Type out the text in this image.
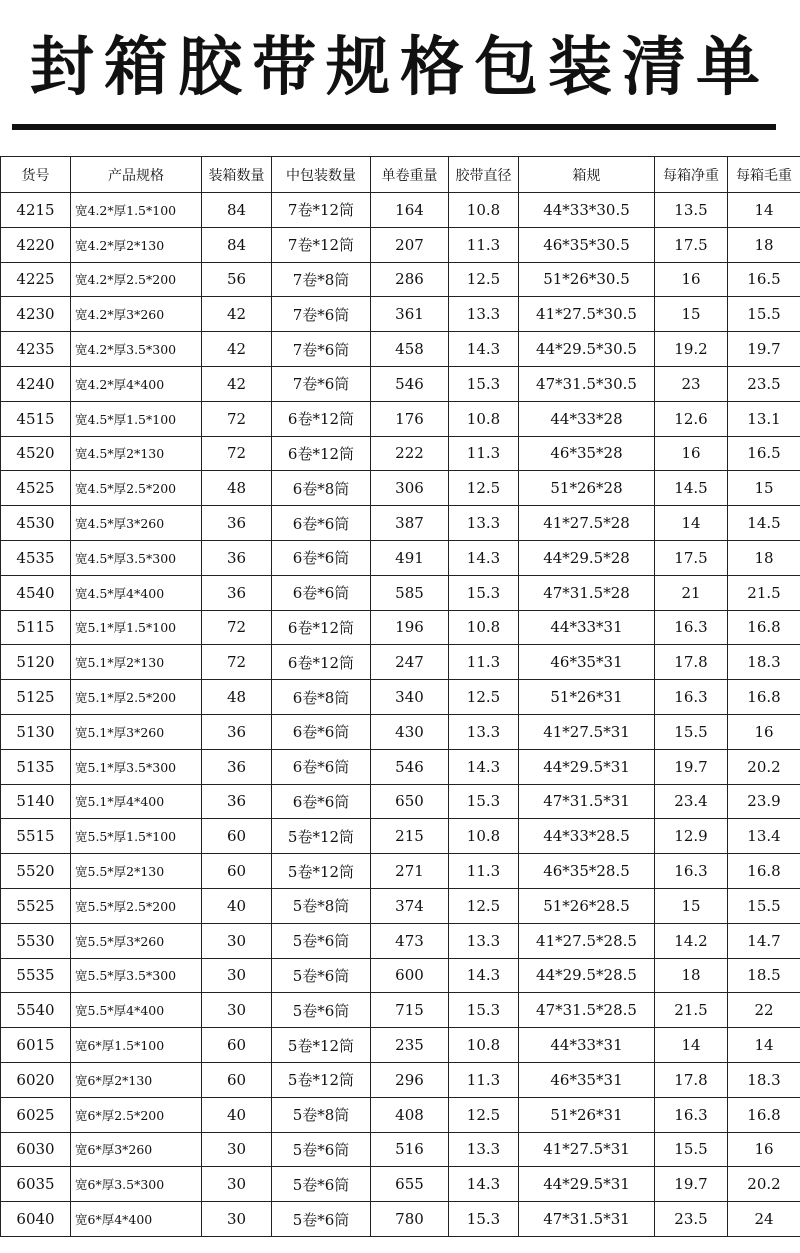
封箱胶带规格包装清单
货号	产品规格	装箱数量	中包装数量	单卷重量	胶带直径	箱规	每箱净重	每箱毛重
4215	宽4.2*厚1.5*100	84	7卷*12筒	164	10.8	44*33*30.5	13.5	14
4220	宽4.2*厚2*130	84	7卷*12筒	207	11.3	46*35*30.5	17.5	18
4225	宽4.2*厚2.5*200	56	7卷*8筒	286	12.5	51*26*30.5	16	16.5
4230	宽4.2*厚3*260	42	7卷*6筒	361	13.3	41*27.5*30.5	15	15.5
4235	宽4.2*厚3.5*300	42	7卷*6筒	458	14.3	44*29.5*30.5	19.2	19.7
4240	宽4.2*厚4*400	42	7卷*6筒	546	15.3	47*31.5*30.5	23	23.5
4515	宽4.5*厚1.5*100	72	6卷*12筒	176	10.8	44*33*28	12.6	13.1
4520	宽4.5*厚2*130	72	6卷*12筒	222	11.3	46*35*28	16	16.5
4525	宽4.5*厚2.5*200	48	6卷*8筒	306	12.5	51*26*28	14.5	15
4530	宽4.5*厚3*260	36	6卷*6筒	387	13.3	41*27.5*28	14	14.5
4535	宽4.5*厚3.5*300	36	6卷*6筒	491	14.3	44*29.5*28	17.5	18
4540	宽4.5*厚4*400	36	6卷*6筒	585	15.3	47*31.5*28	21	21.5
5115	宽5.1*厚1.5*100	72	6卷*12筒	196	10.8	44*33*31	16.3	16.8
5120	宽5.1*厚2*130	72	6卷*12筒	247	11.3	46*35*31	17.8	18.3
5125	宽5.1*厚2.5*200	48	6卷*8筒	340	12.5	51*26*31	16.3	16.8
5130	宽5.1*厚3*260	36	6卷*6筒	430	13.3	41*27.5*31	15.5	16
5135	宽5.1*厚3.5*300	36	6卷*6筒	546	14.3	44*29.5*31	19.7	20.2
5140	宽5.1*厚4*400	36	6卷*6筒	650	15.3	47*31.5*31	23.4	23.9
5515	宽5.5*厚1.5*100	60	5卷*12筒	215	10.8	44*33*28.5	12.9	13.4
5520	宽5.5*厚2*130	60	5卷*12筒	271	11.3	46*35*28.5	16.3	16.8
5525	宽5.5*厚2.5*200	40	5卷*8筒	374	12.5	51*26*28.5	15	15.5
5530	宽5.5*厚3*260	30	5卷*6筒	473	13.3	41*27.5*28.5	14.2	14.7
5535	宽5.5*厚3.5*300	30	5卷*6筒	600	14.3	44*29.5*28.5	18	18.5
5540	宽5.5*厚4*400	30	5卷*6筒	715	15.3	47*31.5*28.5	21.5	22
6015	宽6*厚1.5*100	60	5卷*12筒	235	10.8	44*33*31	14	14
6020	宽6*厚2*130	60	5卷*12筒	296	11.3	46*35*31	17.8	18.3
6025	宽6*厚2.5*200	40	5卷*8筒	408	12.5	51*26*31	16.3	16.8
6030	宽6*厚3*260	30	5卷*6筒	516	13.3	41*27.5*31	15.5	16
6035	宽6*厚3.5*300	30	5卷*6筒	655	14.3	44*29.5*31	19.7	20.2
6040	宽6*厚4*400	30	5卷*6筒	780	15.3	47*31.5*31	23.5	24
